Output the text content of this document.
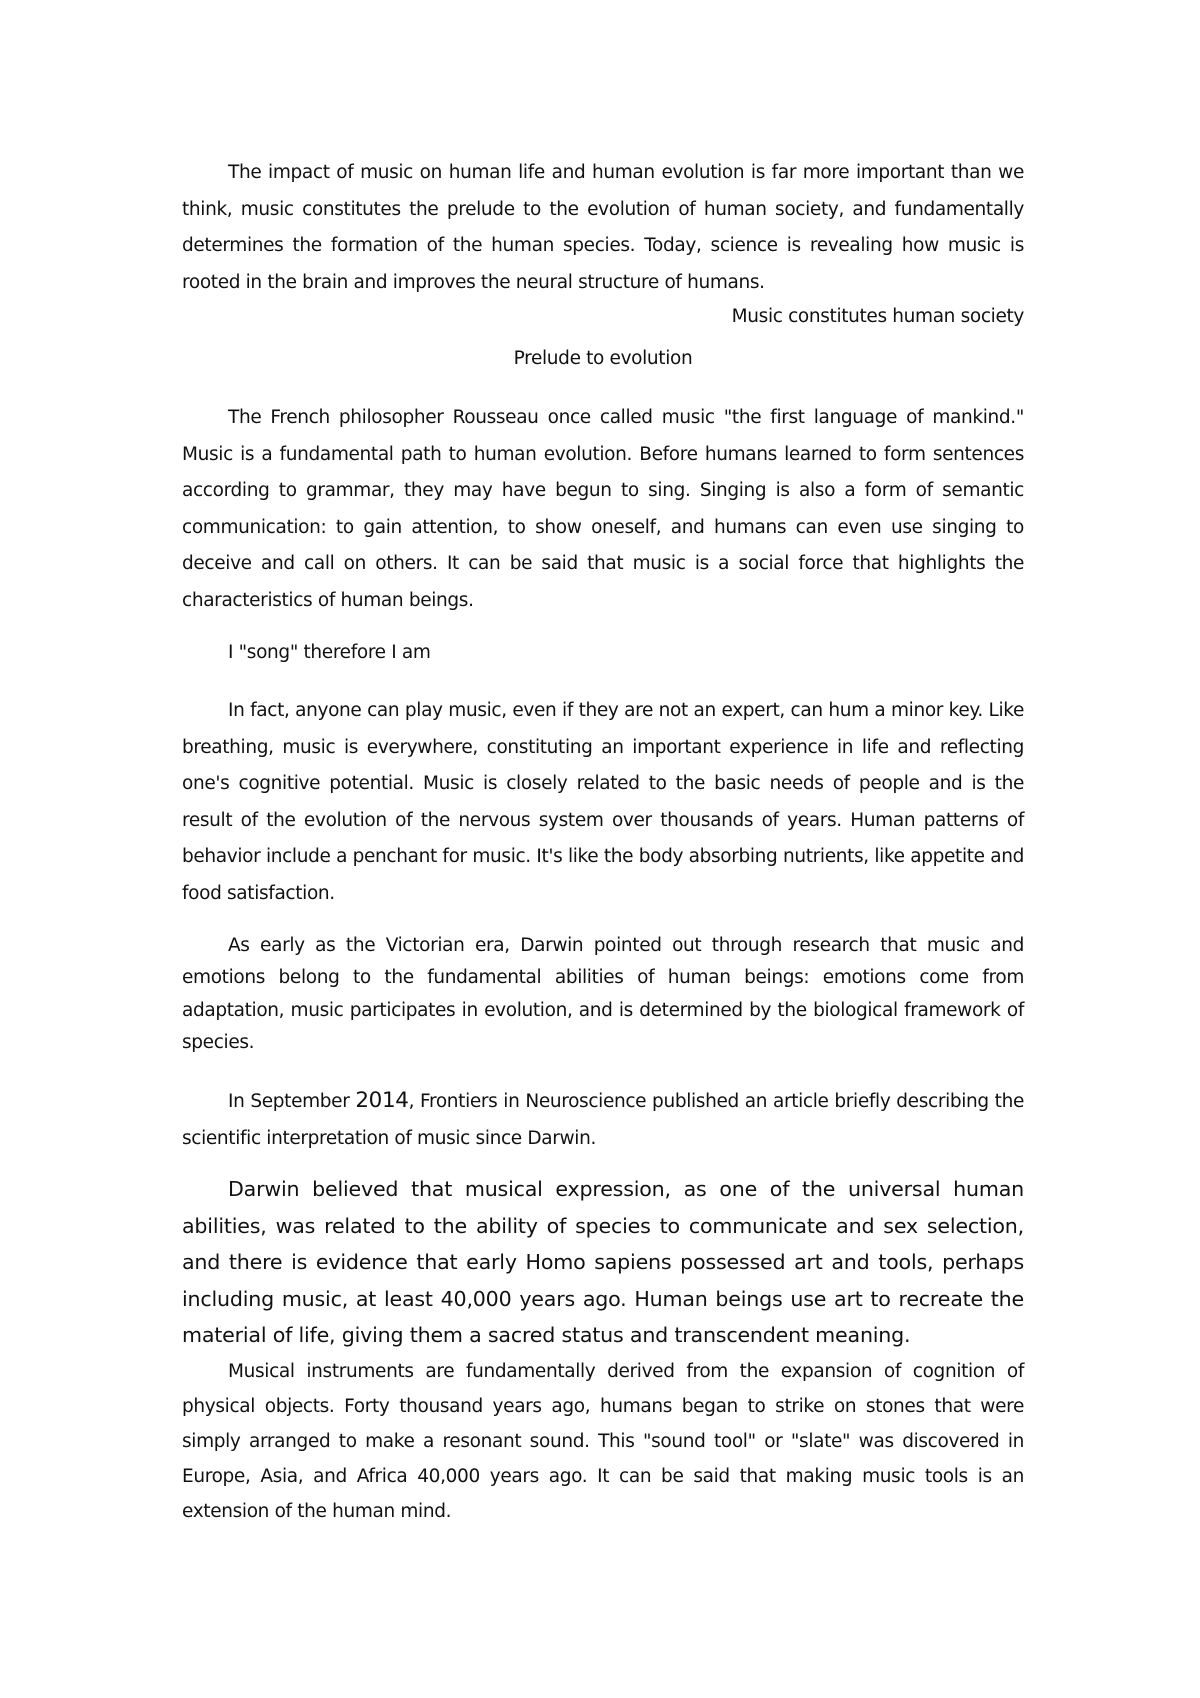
The impact of music on human life and human evolution is far more important than we think, music constitutes the prelude to the evolution of human society, and fundamentally determines the formation of the human species. Today, science is revealing how music is rooted in the brain and improves the neural structure of humans.

Music constitutes human society

Prelude to evolution

The French philosopher Rousseau once called music "the first language of mankind." Music is a fundamental path to human evolution. Before humans learned to form sentences according to grammar, they may have begun to sing. Singing is also a form of semantic communication: to gain attention, to show oneself, and humans can even use singing to deceive and call on others. It can be said that music is a social force that highlights the characteristics of human beings.

I "song" therefore I am

In fact, anyone can play music, even if they are not an expert, can hum a minor key. Like breathing, music is everywhere, constituting an important experience in life and reflecting one's cognitive potential. Music is closely related to the basic needs of people and is the result of the evolution of the nervous system over thousands of years. Human patterns of behavior include a penchant for music. It's like the body absorbing nutrients, like appetite and food satisfaction.

As early as the Victorian era, Darwin pointed out through research that music and emotions belong to the fundamental abilities of human beings: emotions come from adaptation, music participates in evolution, and is determined by the biological framework of species.

In September 2014, Frontiers in Neuroscience published an article briefly describing the scientific interpretation of music since Darwin.

Darwin believed that musical expression, as one of the universal human abilities, was related to the ability of species to communicate and sex selection, and there is evidence that early Homo sapiens possessed art and tools, perhaps including music, at least 40,000 years ago. Human beings use art to recreate the material of life, giving them a sacred status and transcendent meaning.

Musical instruments are fundamentally derived from the expansion of cognition of physical objects. Forty thousand years ago, humans began to strike on stones that were simply arranged to make a resonant sound. This "sound tool" or "slate" was discovered in Europe, Asia, and Africa 40,000 years ago. It can be said that making music tools is an extension of the human mind.
